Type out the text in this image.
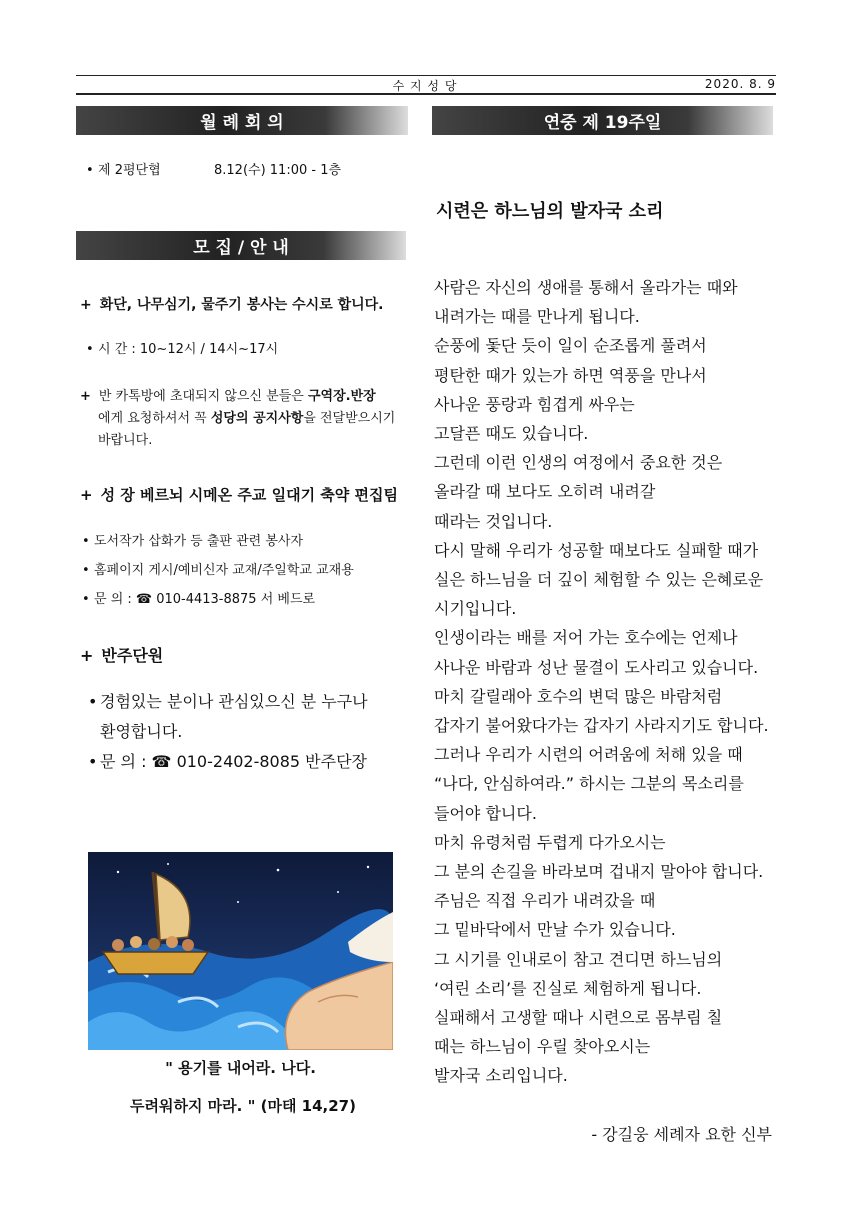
수 지 성 당	2020. 8. 9
월 례 회 의
• 제 2평단협	8.12(수) 11:00 - 1층
모 집 / 안 내
+ 화단, 나무심기, 물주기 봉사는 수시로 합니다.
• 시 간 : 10~12시 / 14시~17시
+ 반 카톡방에 초대되지 않으신 분들은 구역장.반장
에게 요청하셔서 꼭 성당의 공지사항을 전달받으시기
바랍니다.
+ 성 장 베르뇌 시메온 주교 일대기 축약 편집팀
• 도서작가 삽화가 등 출판 관련 봉사자
• 홈페이지 게시/예비신자 교재/주일학교 교재용
• 문 의 : ☎ 010-4413-8875 서 베드로
+ 반주단원
• 경험있는 분이나 관심있으신 분 누구나
환영합니다.
• 문 의 : ☎ 010-2402-8085 반주단장
" 용기를 내어라. 나다.
두려워하지 마라. " (마태 14,27)
연중 제 19주일
시련은 하느님의 발자국 소리
사람은 자신의 생애를 통해서 올라가는 때와
내려가는 때를 만나게 됩니다.
순풍에 돛단 듯이 일이 순조롭게 풀려서
평탄한 때가 있는가 하면 역풍을 만나서
사나운 풍랑과 힘겹게 싸우는
고달픈 때도 있습니다.
그런데 이런 인생의 여정에서 중요한 것은
올라갈 때 보다도 오히려 내려갈
때라는 것입니다.
다시 말해 우리가 성공할 때보다도 실패할 때가
실은 하느님을 더 깊이 체험할 수 있는 은혜로운
시기입니다.
인생이라는 배를 저어 가는 호수에는 언제나
사나운 바람과 성난 물결이 도사리고 있습니다.
마치 갈릴래아 호수의 변덕 많은 바람처럼
갑자기 불어왔다가는 갑자기 사라지기도 합니다.
그러나 우리가 시련의 어려움에 처해 있을 때
“나다, 안심하여라.” 하시는 그분의 목소리를
들어야 합니다.
마치 유령처럼 두렵게 다가오시는
그 분의 손길을 바라보며 겁내지 말아야 합니다.
주님은 직접 우리가 내려갔을 때
그 밑바닥에서 만날 수가 있습니다.
그 시기를 인내로이 참고 견디면 하느님의
‘여린 소리’를 진실로 체험하게 됩니다.
실패해서 고생할 때나 시련으로 몸부림 칠
때는 하느님이 우릴 찾아오시는
발자국 소리입니다.
- 강길웅 세례자 요한 신부
